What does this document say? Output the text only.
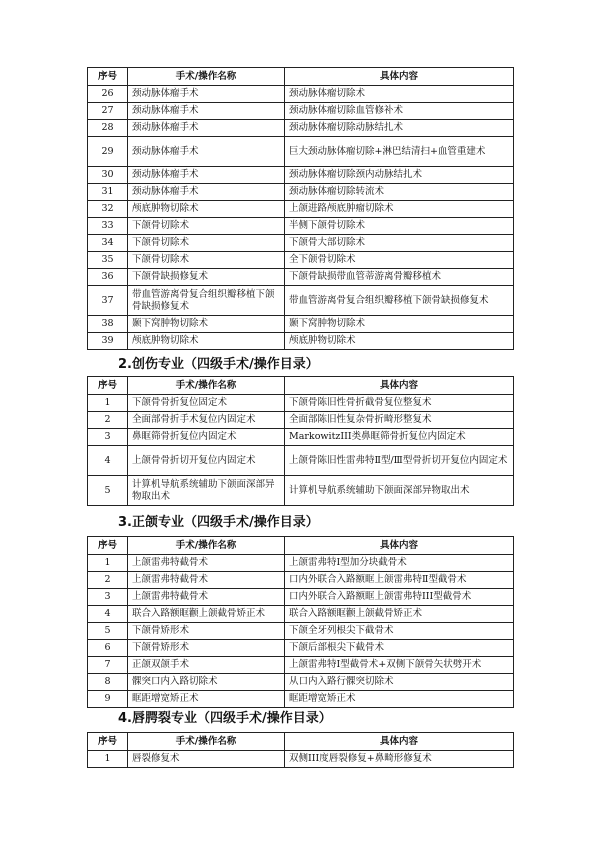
序号	手术/操作名称	具体内容
26	颈动脉体瘤手术	颈动脉体瘤切除术
27	颈动脉体瘤手术	颈动脉体瘤切除血管修补术
28	颈动脉体瘤手术	颈动脉体瘤切除动脉结扎术
29	颈动脉体瘤手术	巨大颈动脉体瘤切除+淋巴结清扫+血管重建术
30	颈动脉体瘤手术	颈动脉体瘤切除颈内动脉结扎术
31	颈动脉体瘤手术	颈动脉体瘤切除转流术
32	颅底肿物切除术	上颌进路颅底肿瘤切除术
33	下颌骨切除术	半侧下颌骨切除术
34	下颌骨切除术	下颌骨大部切除术
35	下颌骨切除术	全下颌骨切除术
36	下颌骨缺损修复术	下颌骨缺损带血管蒂游离骨瓣移植术
37	带血管游离骨复合组织瓣移植下颌骨缺损修复术	带血管游离骨复合组织瓣移植下颌骨缺损修复术
38	颞下窝肿物切除术	颞下窝肿物切除术
39	颅底肿物切除术	颅底肿物切除术
2.创伤专业（四级手术/操作目录）
序号	手术/操作名称	具体内容
1	下颌骨骨折复位固定术	下颌骨陈旧性骨折截骨复位整复术
2	全面部骨折手术复位内固定术	全面部陈旧性复杂骨折畸形整复术
3	鼻眶筛骨折复位内固定术	MarkowitzIII类鼻眶筛骨折复位内固定术
4	上颌骨骨折切开复位内固定术	上颌骨陈旧性雷弗特Ⅱ型/Ⅲ型骨折切开复位内固定术
5	计算机导航系统辅助下颌面深部异物取出术	计算机导航系统辅助下颌面深部异物取出术
3.正颌专业（四级手术/操作目录）
序号	手术/操作名称	具体内容
1	上颌雷弗特截骨术	上颌雷弗特Ⅰ型加分块截骨术
2	上颌雷弗特截骨术	口内外联合入路额眶上颌雷弗特Ⅱ型截骨术
3	上颌雷弗特截骨术	口内外联合入路额眶上颌雷弗特III型截骨术
4	联合入路额眶颧上颌截骨矫正术	联合入路额眶颧上颌截骨矫正术
5	下颌骨矫形术	下颌全牙列根尖下截骨术
6	下颌骨矫形术	下颌后部根尖下截骨术
7	正颌双颌手术	上颌雷弗特Ⅰ型截骨术+双侧下颌骨矢状劈开术
8	髁突口内入路切除术	从口内入路行髁突切除术
9	眶距增宽矫正术	眶距增宽矫正术
4.唇腭裂专业（四级手术/操作目录）
序号	手术/操作名称	具体内容
1	唇裂修复术	双侧III度唇裂修复+鼻畸形修复术
